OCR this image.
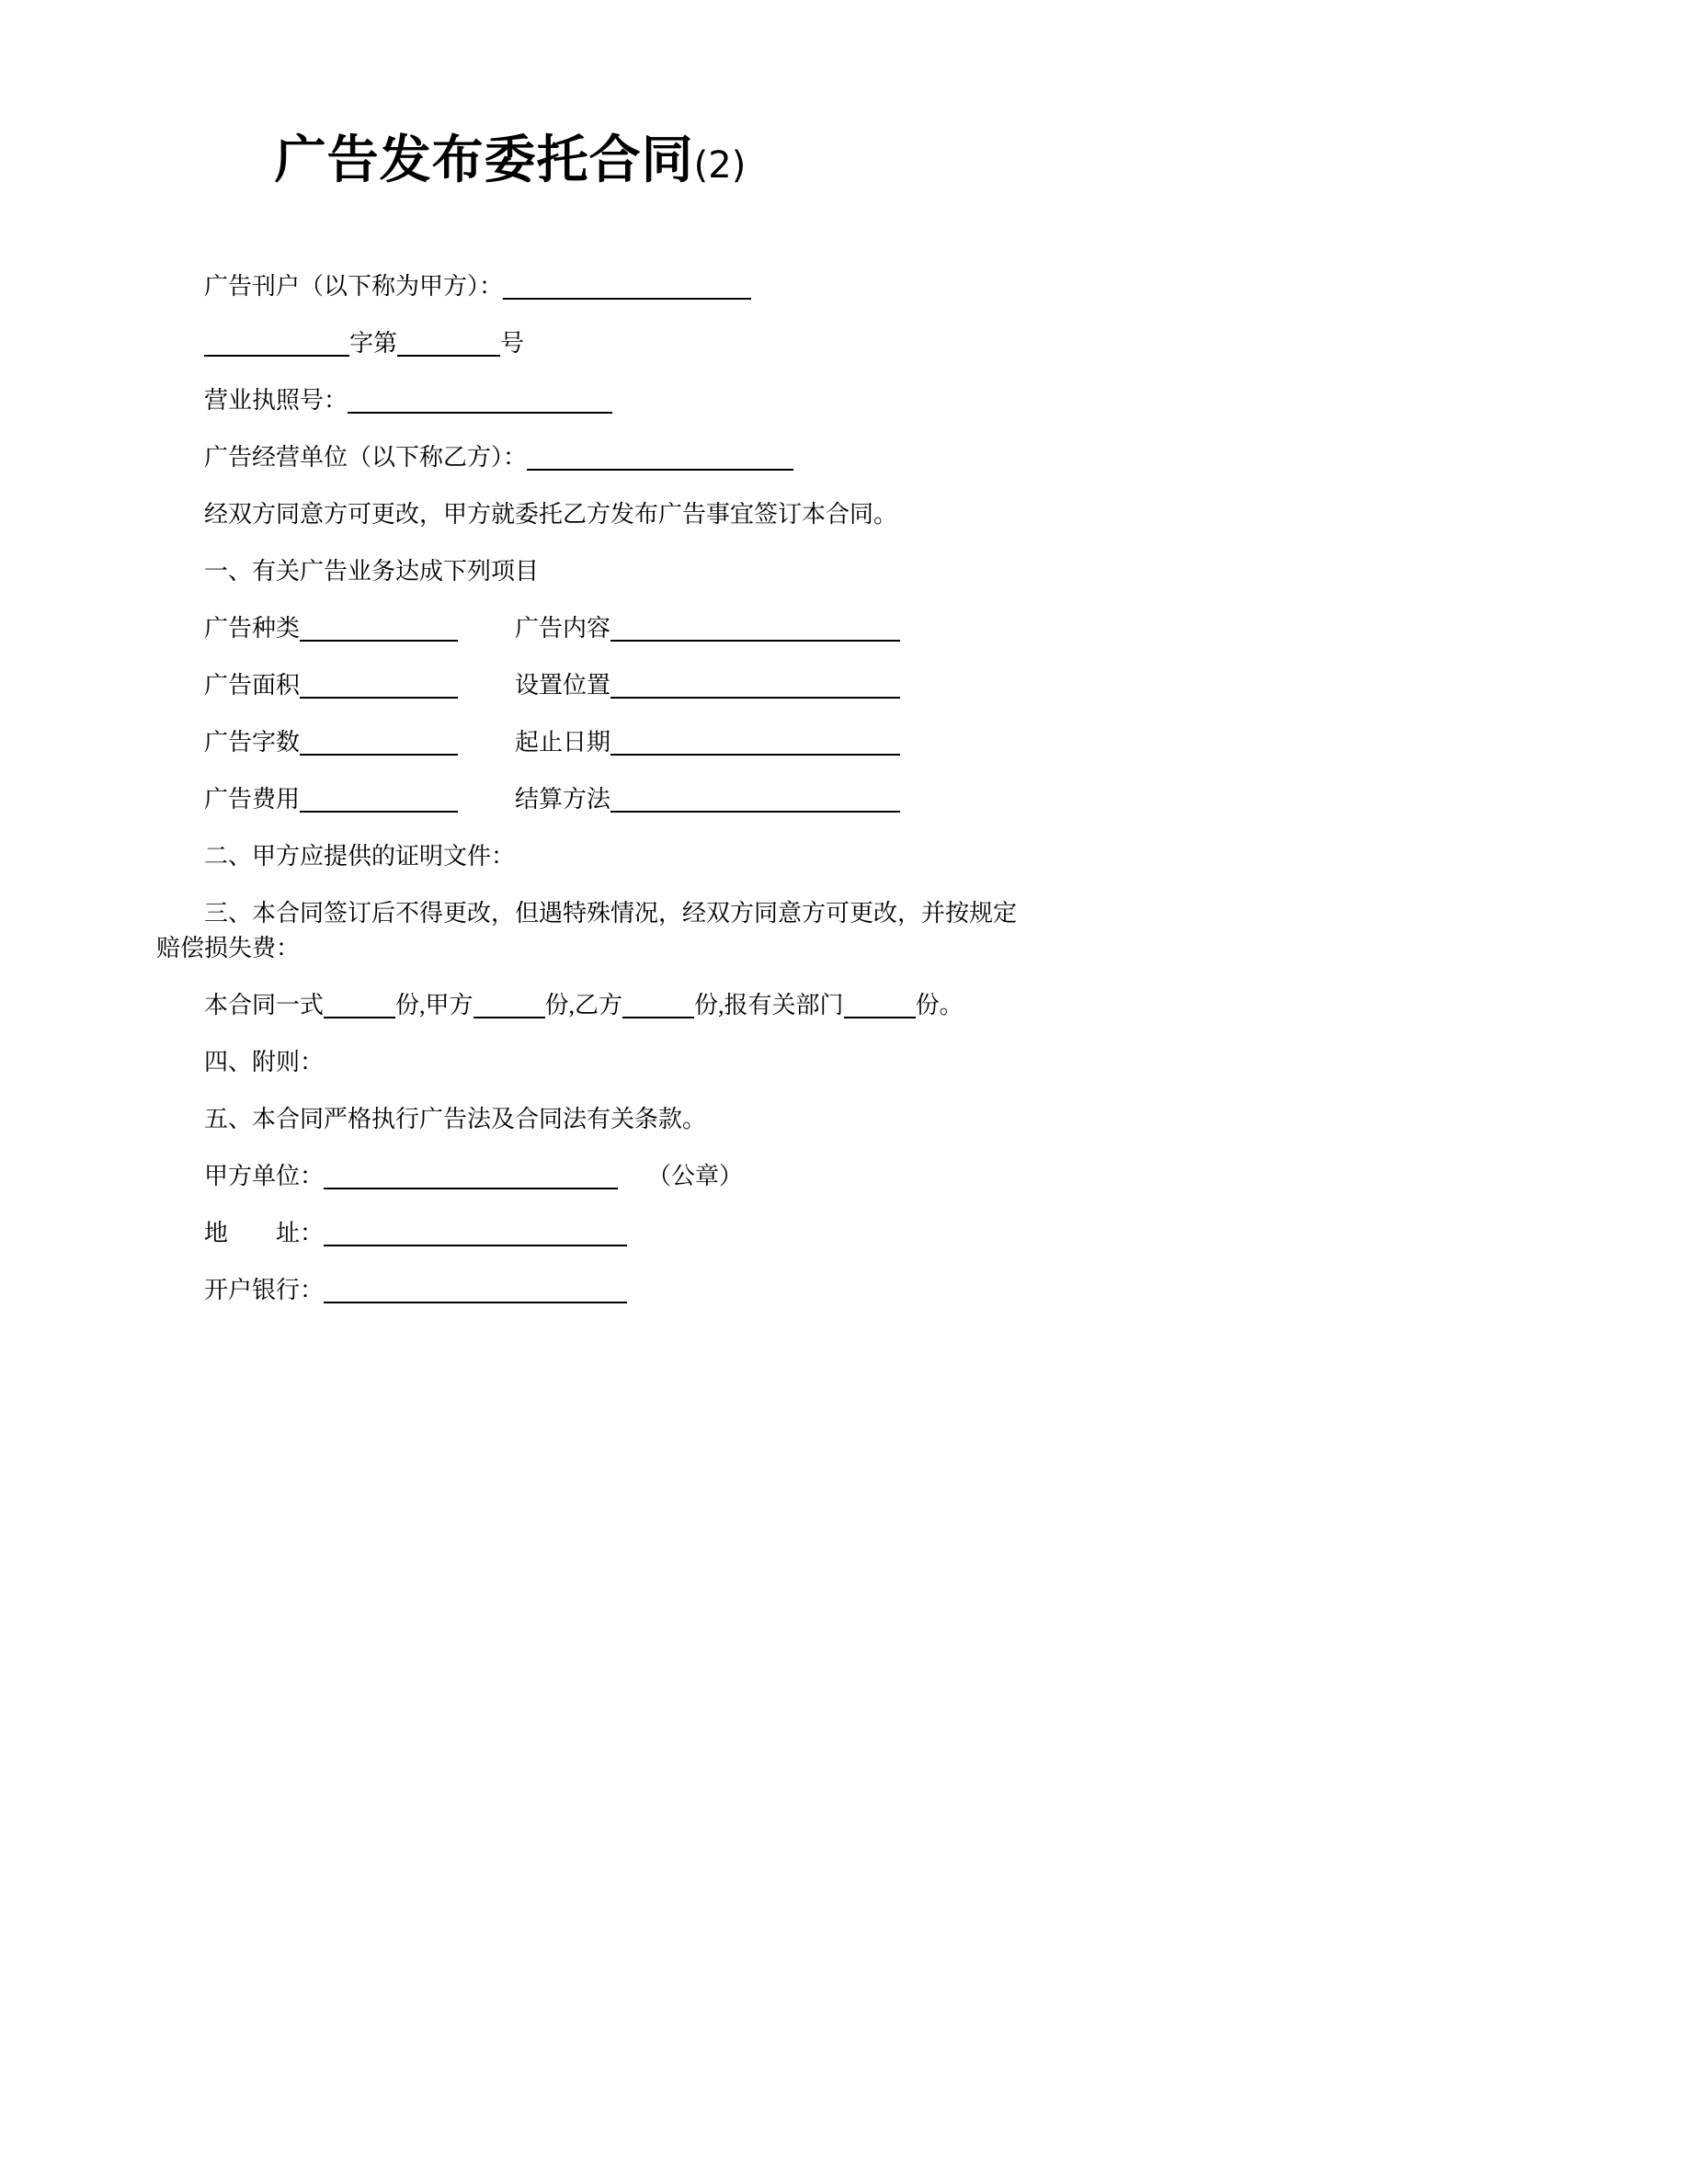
广告发布委托合同(2)

广告刊户（以下称为甲方）：

字第	号

营业执照号：

广告经营单位（以下称乙方）：

经双方同意方可更改，甲方就委托乙方发布广告事宜签订本合同。

一、有关广告业务达成下列项目

广告种类	广告内容

广告面积	设置位置

广告字数	起止日期

广告费用	结算方法

二、甲方应提供的证明文件：

三、本合同签订后不得更改，但遇特殊情况，经双方同意方可更改，并按规定
赔偿损失费：

本合同一式	份,甲方	份,乙方	份,报有关部门	份。

四、附则：

五、本合同严格执行广告法及合同法有关条款。

甲方单位：	（公章）

地　　址：

开户银行：
